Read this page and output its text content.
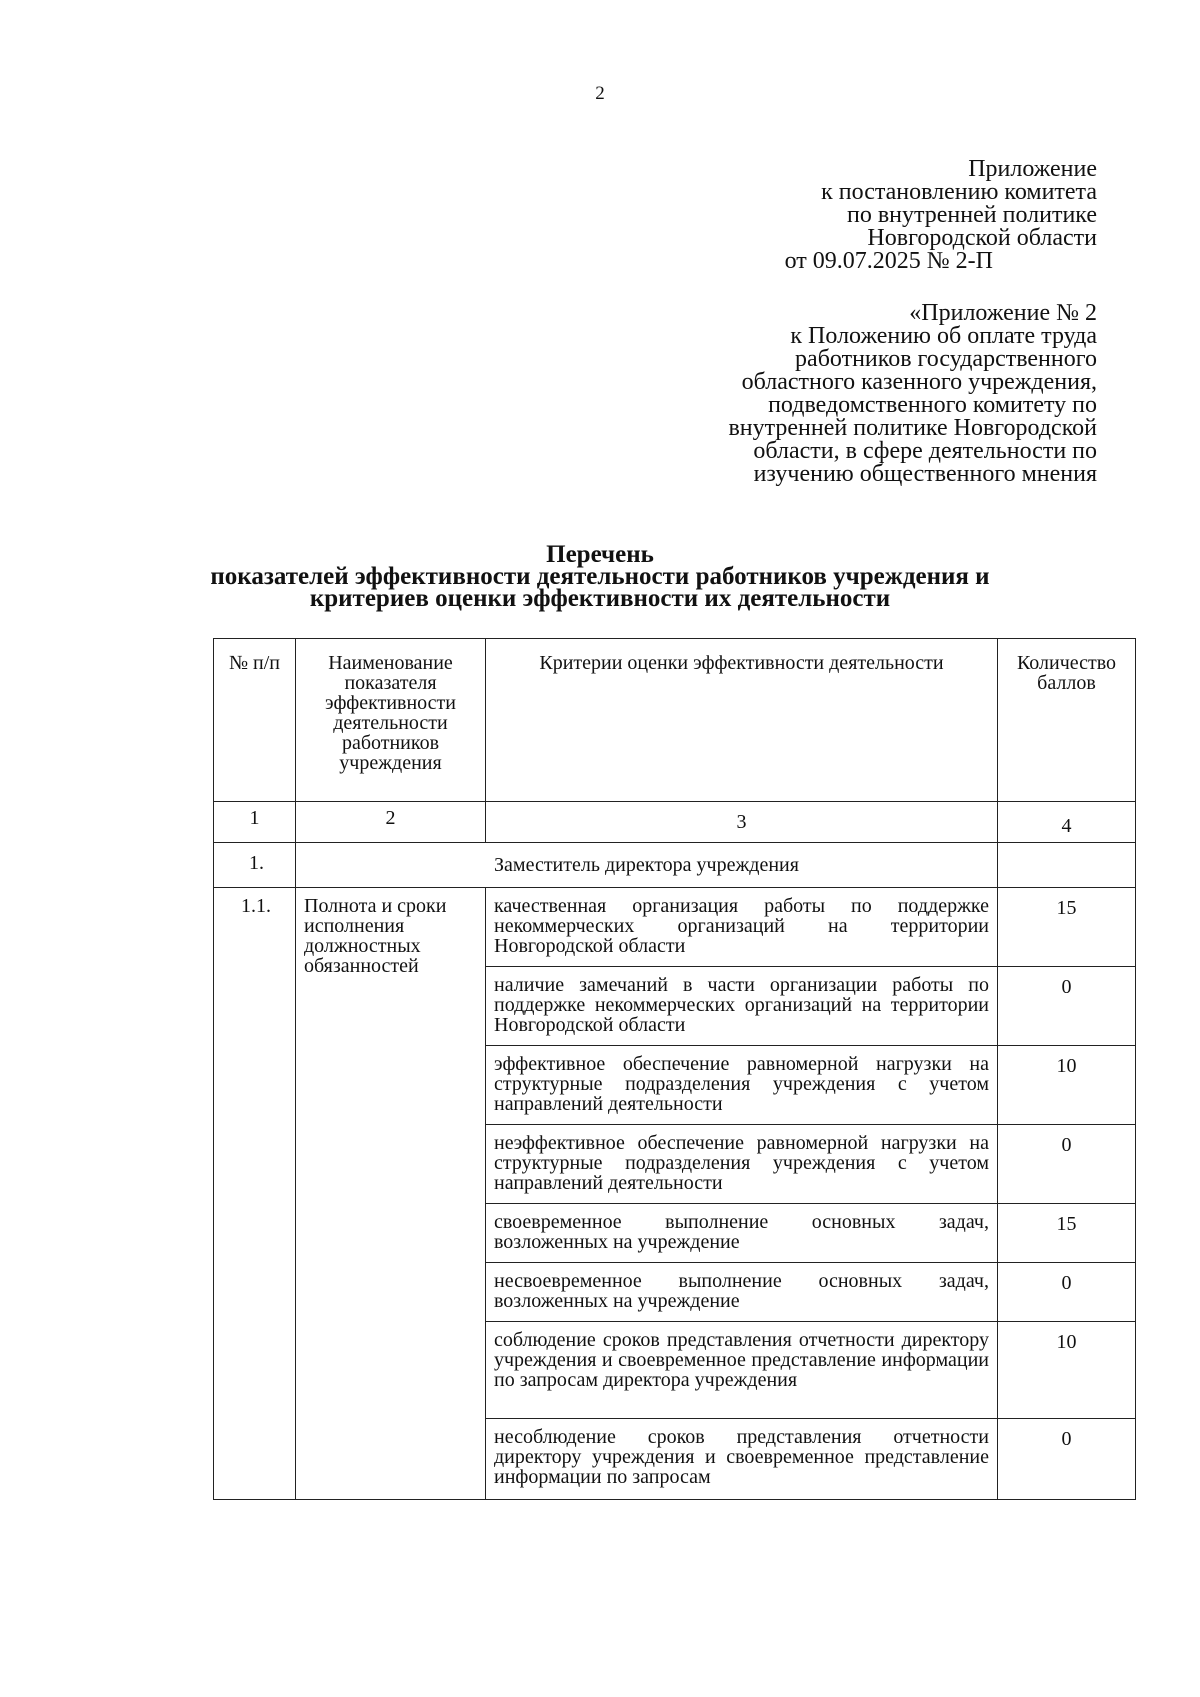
2
Приложение
к постановлению комитета
по внутренней политике
Новгородской области
от 09.07.2025 № 2-П
«Приложение № 2
к Положению об оплате труда
работников государственного
областного казенного учреждения,
подведомственного комитету по
внутренней политике Новгородской
области, в сфере деятельности по
изучению общественного мнения
Перечень
показателей эффективности деятельности работников учреждения и
критериев оценки эффективности их деятельности
№ п/п	Наименование показателя эффективности деятельности работников учреждения	Критерии оценки эффективности деятельности	Количество баллов

1	2	3	4

1.	Заместитель директора учреждения		

1.1.	Полнота и сроки исполнения должностных обязанностей	качественная организация работы по поддержке некоммерческих организаций на территории Новгородской области	15

		наличие замечаний в части организации работы по поддержке некоммерческих организаций на территории Новгородской области	0

		эффективное обеспечение равномерной нагрузки на структурные подразделения учреждения с учетом направлений деятельности	10

		неэффективное обеспечение равномерной нагрузки на структурные подразделения учреждения с учетом направлений деятельности	0

		своевременное выполнение основных задач, возложенных на учреждение	15

		несвоевременное выполнение основных задач, возложенных на учреждение	0

		соблюдение сроков представления отчетности директору учреждения и своевременное представление информации по запросам директора учреждения	10

		несоблюдение сроков представления отчетности директору учреждения и своевременное представление информации по запросам	0
